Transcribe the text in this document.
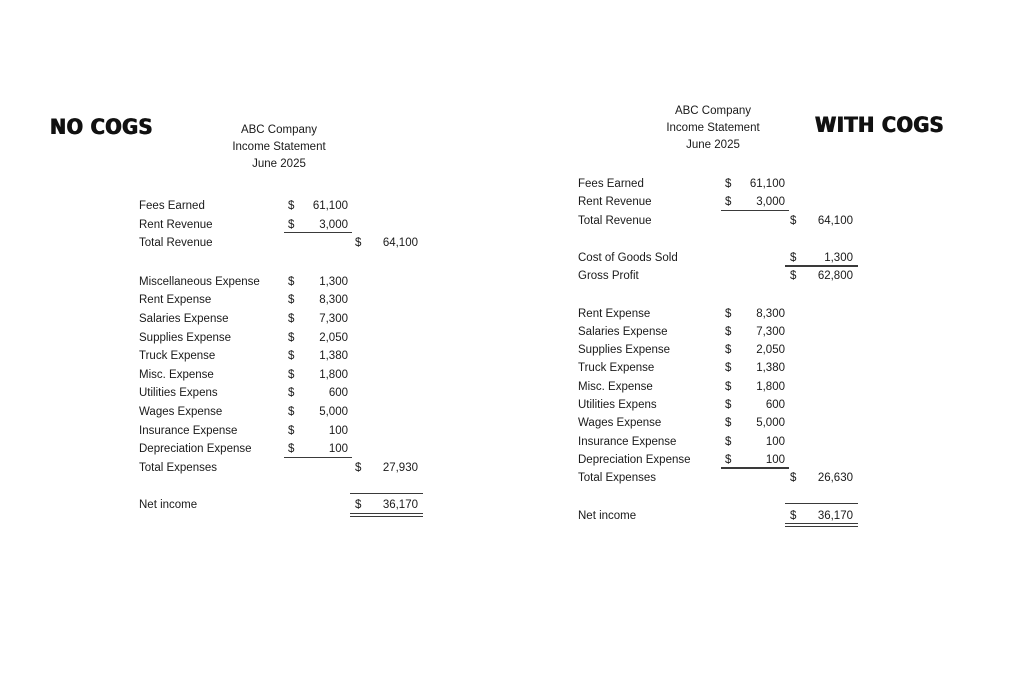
NO COGS	WITH COGS
ABC Company
Income Statement
June 2025
Fees Earned	$ 61,100
Rent Revenue	$ 3,000
Total Revenue	$ 64,100
Miscellaneous Expense $ 1,300
Rent Expense	$ 8,300
Salaries Expense	$ 7,300
Supplies Expense	$ 2,050
Truck Expense	$ 1,380
Misc. Expense	$ 1,800
Utilities Expens	$	600
Wages Expense	$ 5,000
Insurance Expense	$	100
Depreciation Expense	$	100
Total Expenses	$ 27,930
Net income	$ 36,170
ABC Company
Income Statement
June 2025
Fees Earned	$ 61,100
Rent Revenue	$ 3,000
Total Revenue	$ 64,100
Cost of Goods Sold	$ 1,300
Gross Profit	$ 62,800
Rent Expense	$ 8,300
Salaries Expense	$ 7,300
Supplies Expense	$ 2,050
Truck Expense	$ 1,380
Misc. Expense	$ 1,800
Utilities Expens	$	600
Wages Expense	$ 5,000
Insurance Expense	$	100
Depreciation Expense	$	100
Total Expenses	$ 26,630
Net income	$ 36,170
